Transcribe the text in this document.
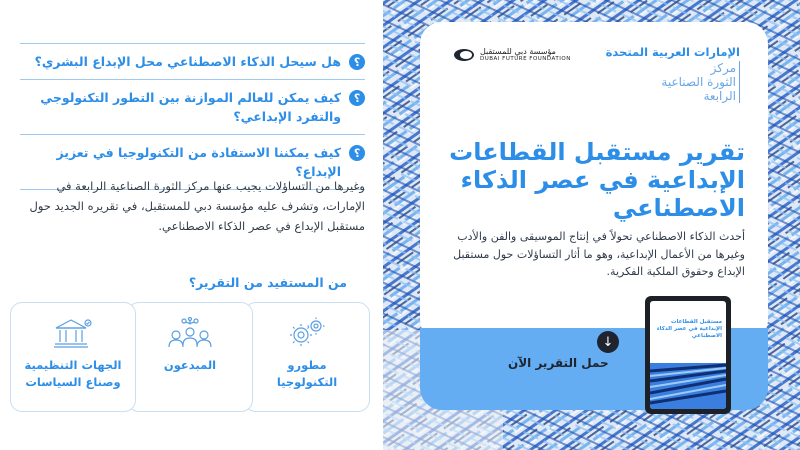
؟
هل سيحل الذكاء الاصطناعي محل الإبداع البشري؟
؟
كيف يمكن للعالم الموازنة بين التطور التكنولوجي والتفرد الإبداعي؟
؟
كيف يمكننا الاستفادة من التكنولوجيا في تعزيز الإبداع؟

وغيرها من التساؤلات يجيب عنها مركز الثورة الصناعية الرابعة في الإمارات، وتشرف عليه مؤسسة دبي للمستقبل، في تقريره الجديد حول مستقبل الإبداع في عصر الذكاء الاصطناعي.

من المستفيد من التقرير؟
مطورو التكنولوجيا
المبدعون
الجهات التنظيمية وصناع السياسات
الإمارات العربية المتحدة
مركز
الثورة الصناعية
الرابعة
مؤسسة دبي للمستقبل
DUBAI FUTURE FOUNDATION
تقرير مستقبل القطاعات الإبداعية في عصر الذكاء الاصطناعي
أحدث الذكاء الاصطناعي تحولاً في إنتاج الموسيقى والفن والأدب وغيرها من الأعمال الإبداعية، وهو ما أثار التساؤلات حول مستقبل الإبداع وحقوق الملكية الفكرية.
↓
حمل التقرير الآن
مستقبل القطاعات الإبداعية في عصر الذكاء الاصطناعي
